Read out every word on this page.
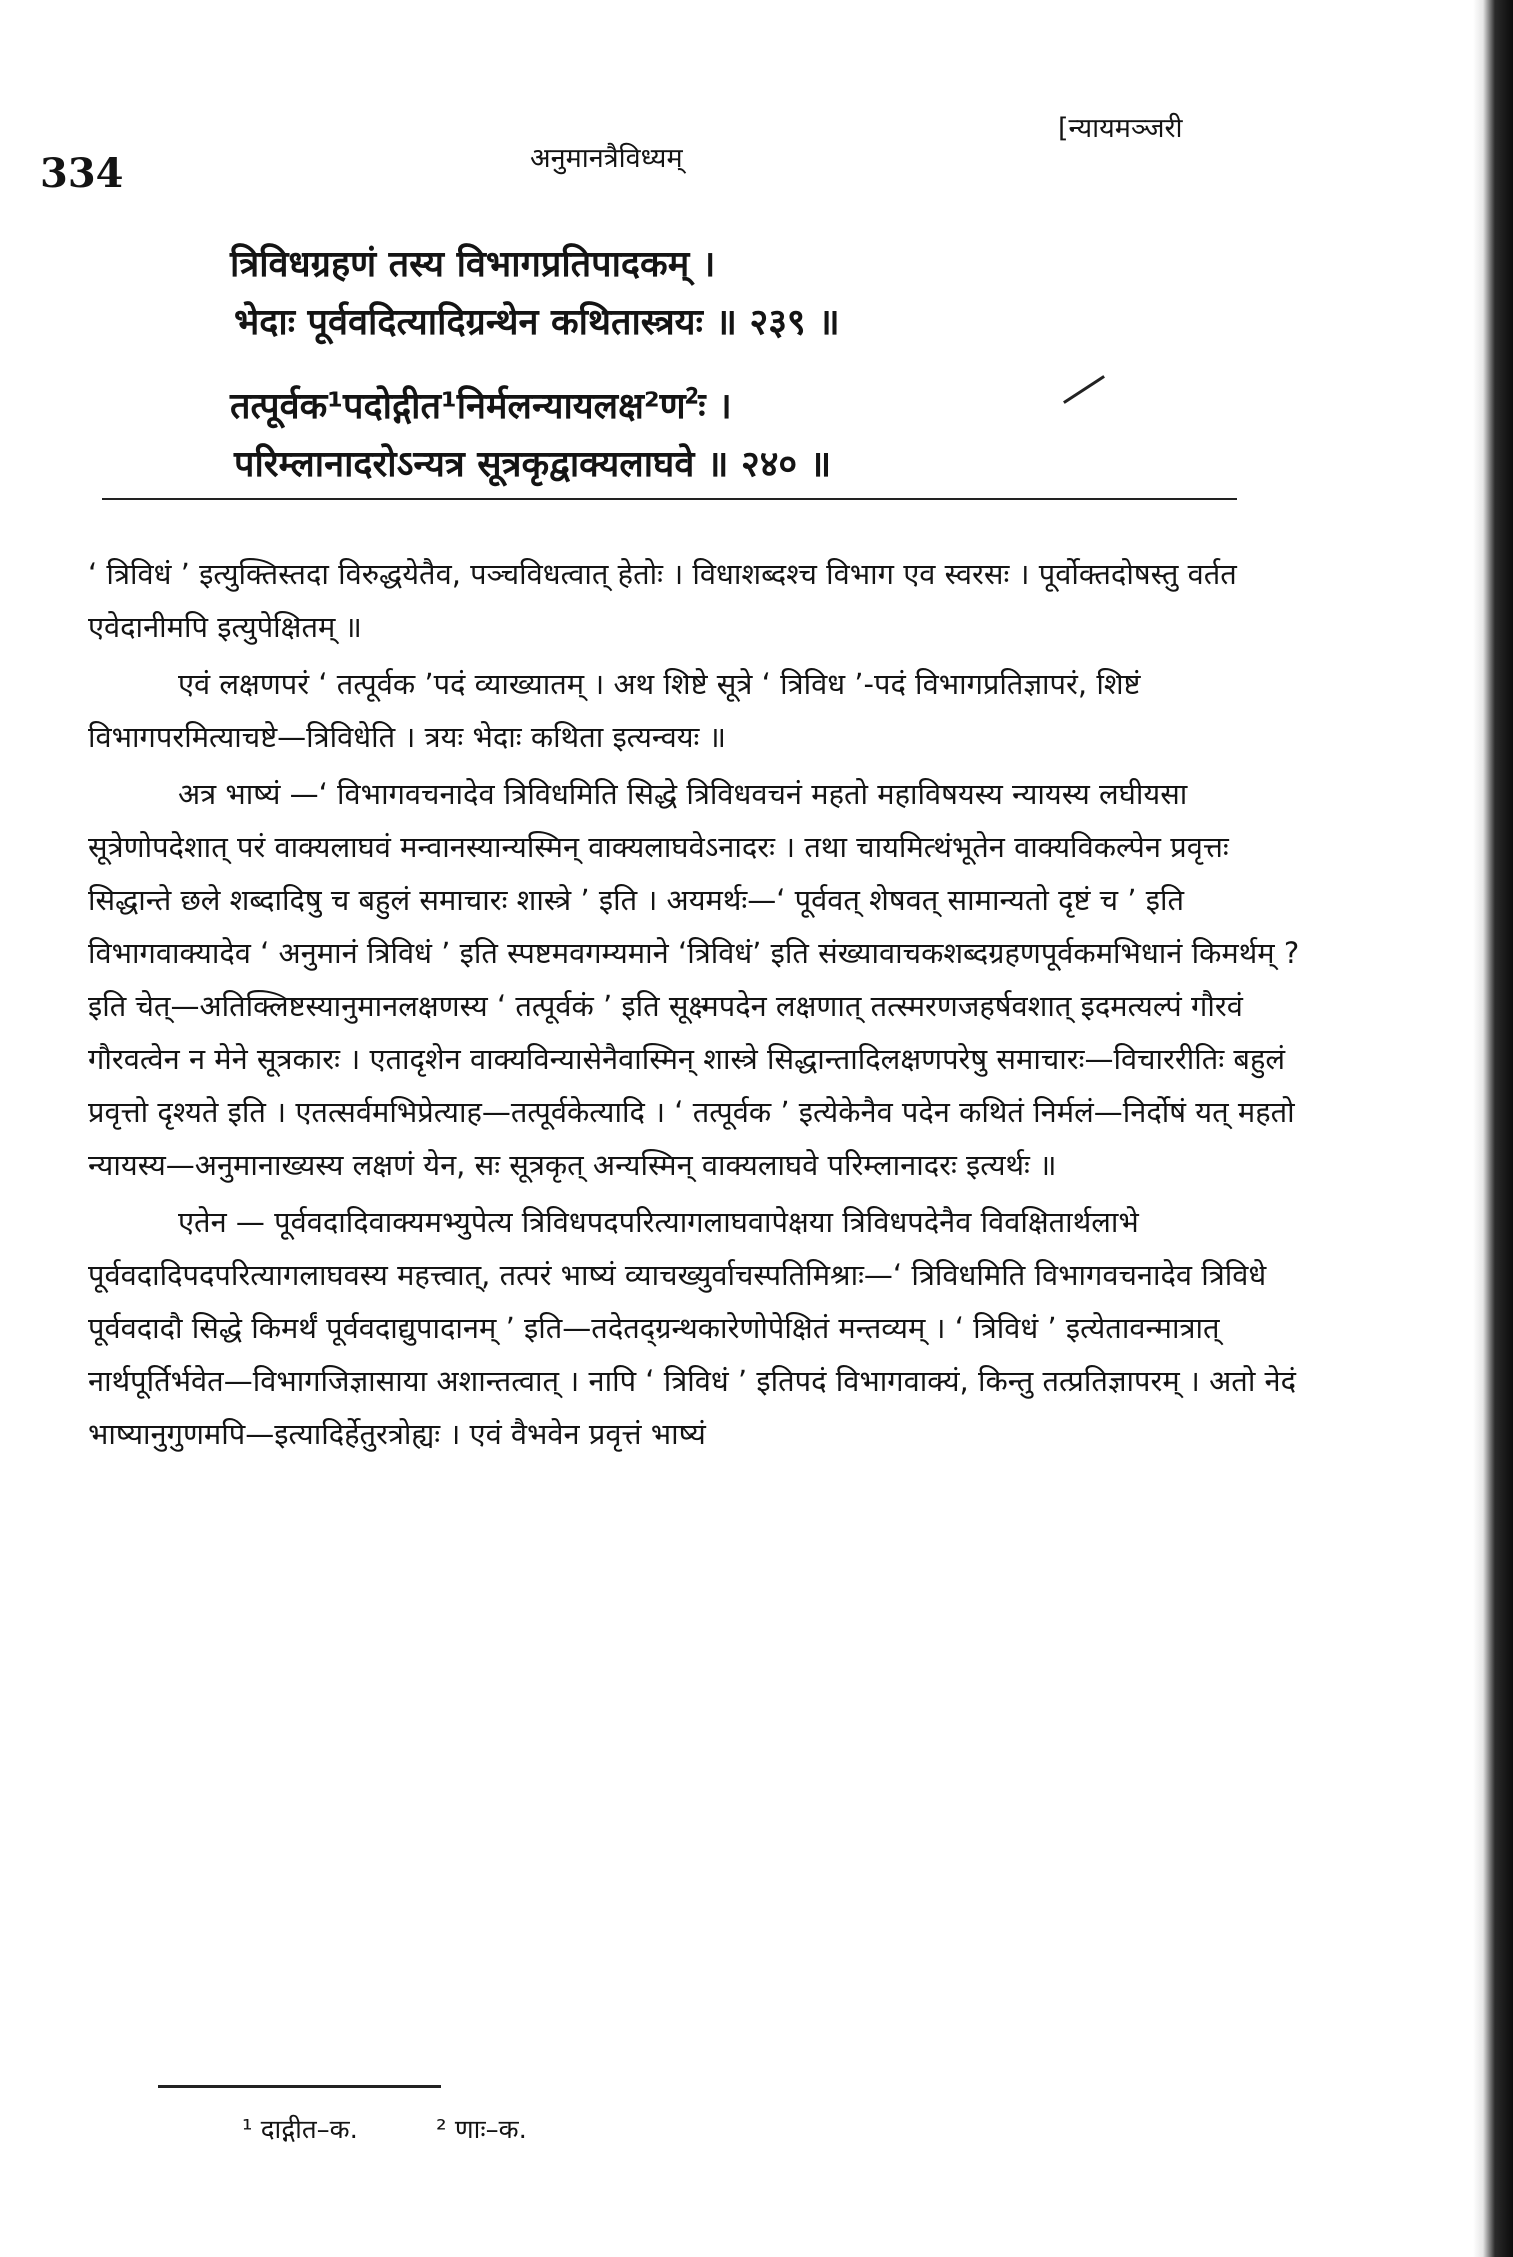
334	अनुमानत्रैविध्यम्
[न्यायमञ्जरी
त्रिविधग्रहणं तस्य विभागप्रतिपादकम् ।
भेदाः पूर्ववदित्यादिग्रन्थेन कथितास्त्रयः ॥ २३९ ॥
तत्पूर्वक¹पदोद्गीत¹निर्मलन्यायलक्ष²ण²ः ।
परिम्लानादरोऽन्यत्र सूत्रकृद्वाक्यलाघवे ॥ २४० ॥

‘ त्रिविधं ’ इत्युक्तिस्तदा विरुद्धयेतैव, पञ्चविधत्वात् हेतोः । विधाशब्दश्च विभाग एव स्वरसः । पूर्वोक्तदोषस्तु वर्तत एवेदानीमपि इत्युपेक्षितम् ॥

एवं लक्षणपरं ‘ तत्पूर्वक ’पदं व्याख्यातम् । अथ शिष्टे सूत्रे ‘ त्रिविध ’-पदं विभागप्रतिज्ञापरं, शिष्टं विभागपरमित्याचष्टे—त्रिविधेति । त्रयः भेदाः कथिता इत्यन्वयः ॥

अत्र भाष्यं —‘ विभागवचनादेव त्रिविधमिति सिद्धे त्रिविधवचनं महतो महाविषयस्य न्यायस्य लघीयसा सूत्रेणोपदेशात् परं वाक्यलाघवं मन्वानस्यान्यस्मिन् वाक्यलाघवेऽनादरः । तथा चायमित्थंभूतेन वाक्यविकल्पेन प्रवृत्तः सिद्धान्ते छले शब्दादिषु च बहुलं समाचारः शास्त्रे ’ इति । अयमर्थः—‘ पूर्ववत् शेषवत् सामान्यतो दृष्टं च ’ इति विभागवाक्यादेव ‘ अनुमानं त्रिविधं ’ इति स्पष्टमवगम्यमाने ‘त्रिविधं’ इति संख्यावाचकशब्दग्रहणपूर्वकमभिधानं किमर्थम् ? इति चेत्—अतिक्लिष्टस्यानुमानलक्षणस्य ‘ तत्पूर्वकं ’ इति सूक्ष्मपदेन लक्षणात् तत्स्मरणजहर्षवशात् इदमत्यल्पं गौरवं गौरवत्वेन न मेने सूत्रकारः । एतादृशेन वाक्यविन्यासेनैवास्मिन् शास्त्रे सिद्धान्तादिलक्षणपरेषु समाचारः—विचाररीतिः बहुलं प्रवृत्तो दृश्यते इति । एतत्सर्वमभिप्रेत्याह—तत्पूर्वकेत्यादि । ‘ तत्पूर्वक ’ इत्येकेनैव पदेन कथितं निर्मलं—निर्दोषं यत् महतो न्यायस्य—अनुमानाख्यस्य लक्षणं येन, सः सूत्रकृत् अन्यस्मिन् वाक्यलाघवे परिम्लानादरः इत्यर्थः ॥

एतेन — पूर्ववदादिवाक्यमभ्युपेत्य त्रिविधपदपरित्यागलाघवापेक्षया त्रिविधपदेनैव विवक्षितार्थलाभे पूर्ववदादिपदपरित्यागलाघवस्य महत्त्वात्, तत्परं भाष्यं व्याचख्युर्वाचस्पतिमिश्राः—‘ त्रिविधमिति विभागवचनादेव त्रिविधे पूर्ववदादौ सिद्धे किमर्थं पूर्ववदाद्युपादानम् ’ इति—तदेतद्ग्रन्थकारेणोपेक्षितं मन्तव्यम् । ‘ त्रिविधं ’ इत्येतावन्मात्रात् नार्थपूर्तिर्भवेत—विभागजिज्ञासाया अशान्तत्वात् । नापि ‘ त्रिविधं ’ इतिपदं विभागवाक्यं, किन्तु तत्प्रतिज्ञापरम् । अतो नेदं भाष्यानुगुणमपि—इत्यादिर्हेतुरत्रोह्यः । एवं वैभवेन प्रवृत्तं भाष्यं

¹ दाद्गीत–क.	² णाः–क.
